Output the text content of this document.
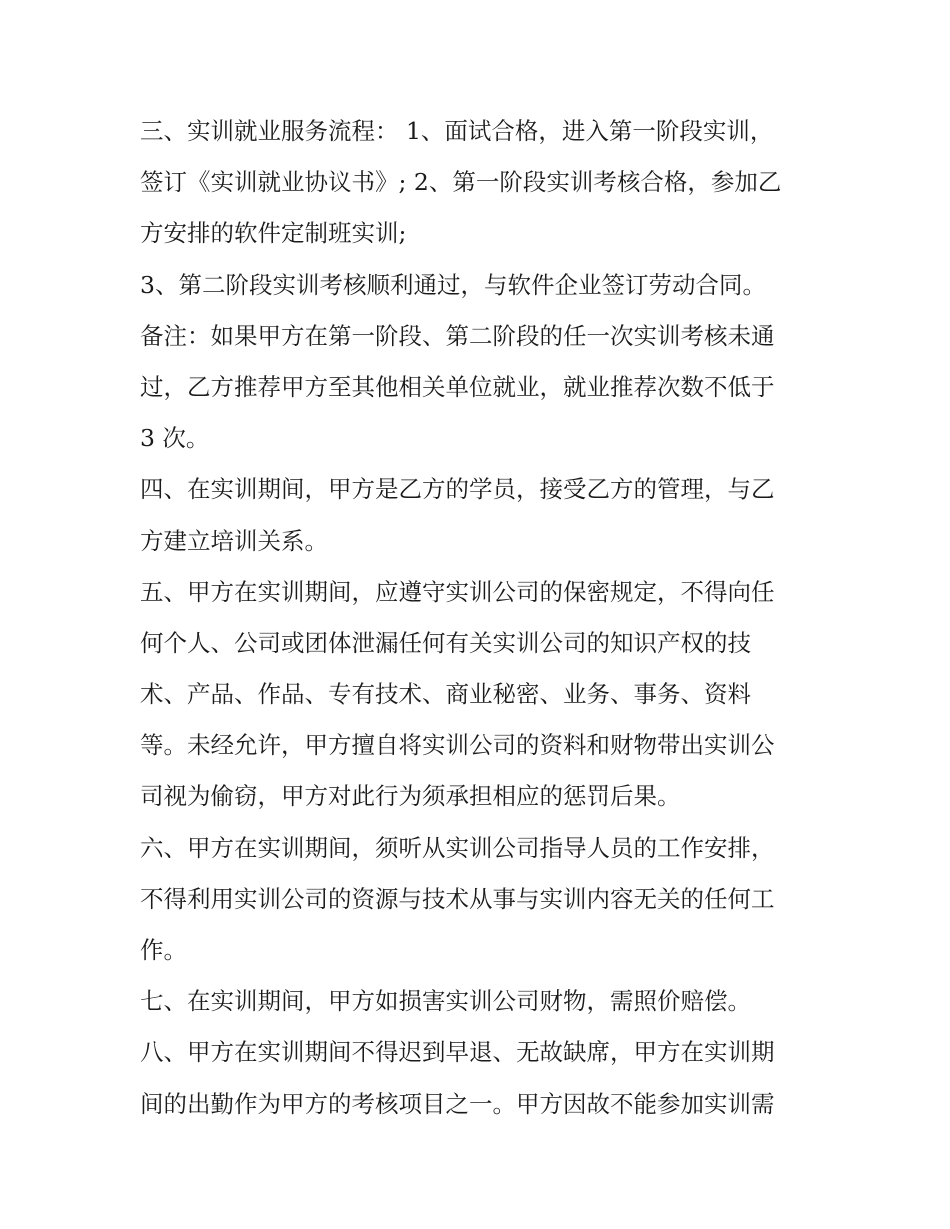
三、实训就业服务流程： 1、面试合格，进入第一阶段实训，
签订《实训就业协议书》; 2、第一阶段实训考核合格，参加乙
方安排的软件定制班实训;
3、第二阶段实训考核顺利通过，与软件企业签订劳动合同。
备注：如果甲方在第一阶段、第二阶段的任一次实训考核未通
过，乙方推荐甲方至其他相关单位就业，就业推荐次数不低于
3 次。
四、在实训期间，甲方是乙方的学员，接受乙方的管理，与乙
方建立培训关系。
五、甲方在实训期间，应遵守实训公司的保密规定，不得向任
何个人、公司或团体泄漏任何有关实训公司的知识产权的技
术、产品、作品、专有技术、商业秘密、业务、事务、资料
等。未经允许，甲方擅自将实训公司的资料和财物带出实训公
司视为偷窃，甲方对此行为须承担相应的惩罚后果。
六、甲方在实训期间，须听从实训公司指导人员的工作安排，
不得利用实训公司的资源与技术从事与实训内容无关的任何工
作。
七、在实训期间，甲方如损害实训公司财物，需照价赔偿。
八、甲方在实训期间不得迟到早退、无故缺席，甲方在实训期
间的出勤作为甲方的考核项目之一。甲方因故不能参加实训需
